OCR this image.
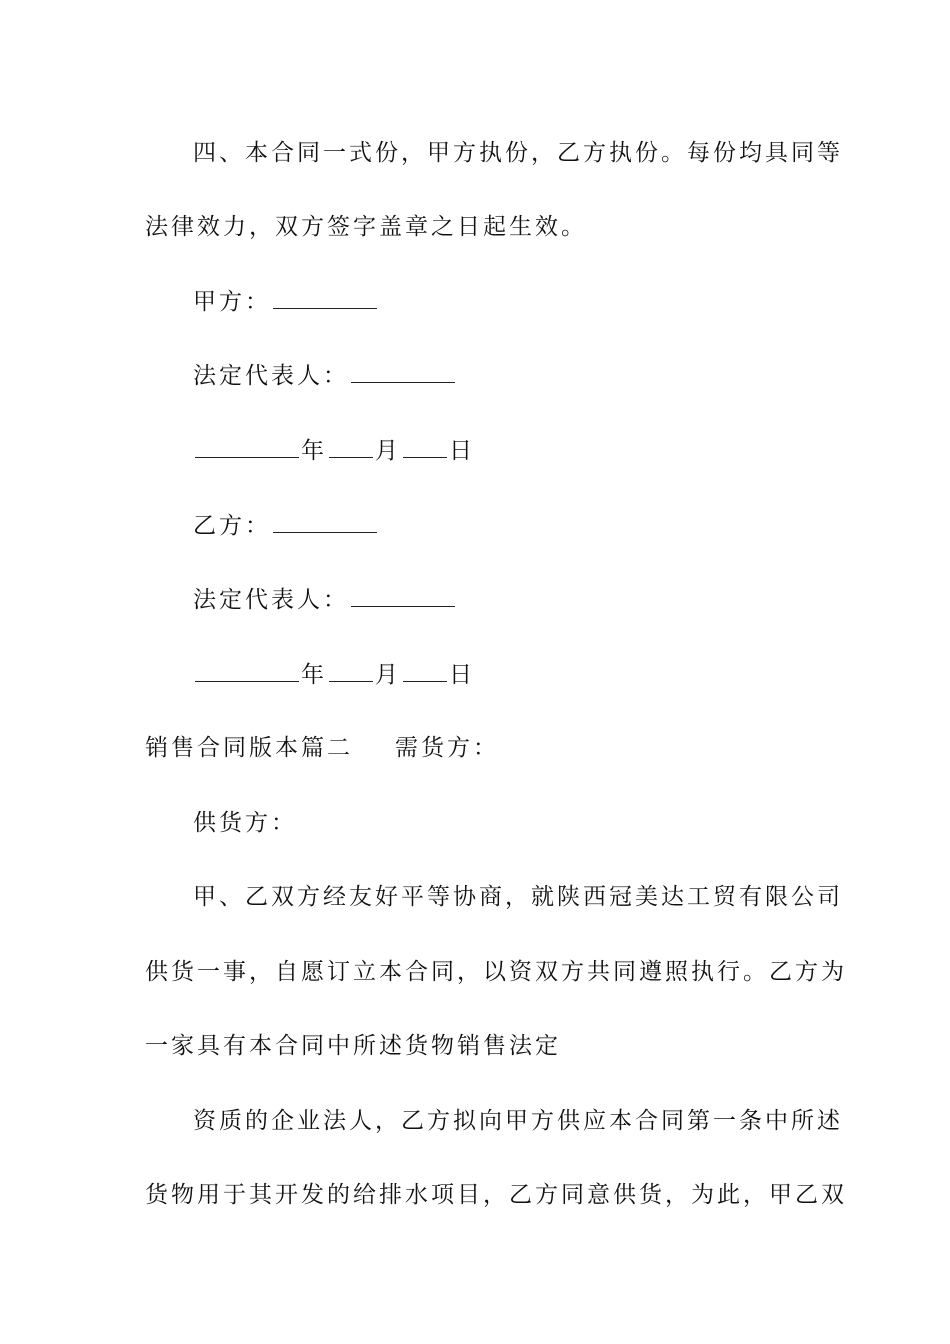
四、本合同一式份，甲方执份，乙方执份。每份均具同等
法律效力，双方签字盖章之日起生效。
甲方：
法定代表人：
年 月 日
乙方：
法定代表人：
年 月 日
销售合同版本篇二 需货方：
供货方：
甲、乙双方经友好平等协商，就陕西冠美达工贸有限公司
供货一事，自愿订立本合同，以资双方共同遵照执行。乙方为
一家具有本合同中所述货物销售法定
资质的企业法人，乙方拟向甲方供应本合同第一条中所述
货物用于其开发的给排水项目，乙方同意供货，为此，甲乙双
